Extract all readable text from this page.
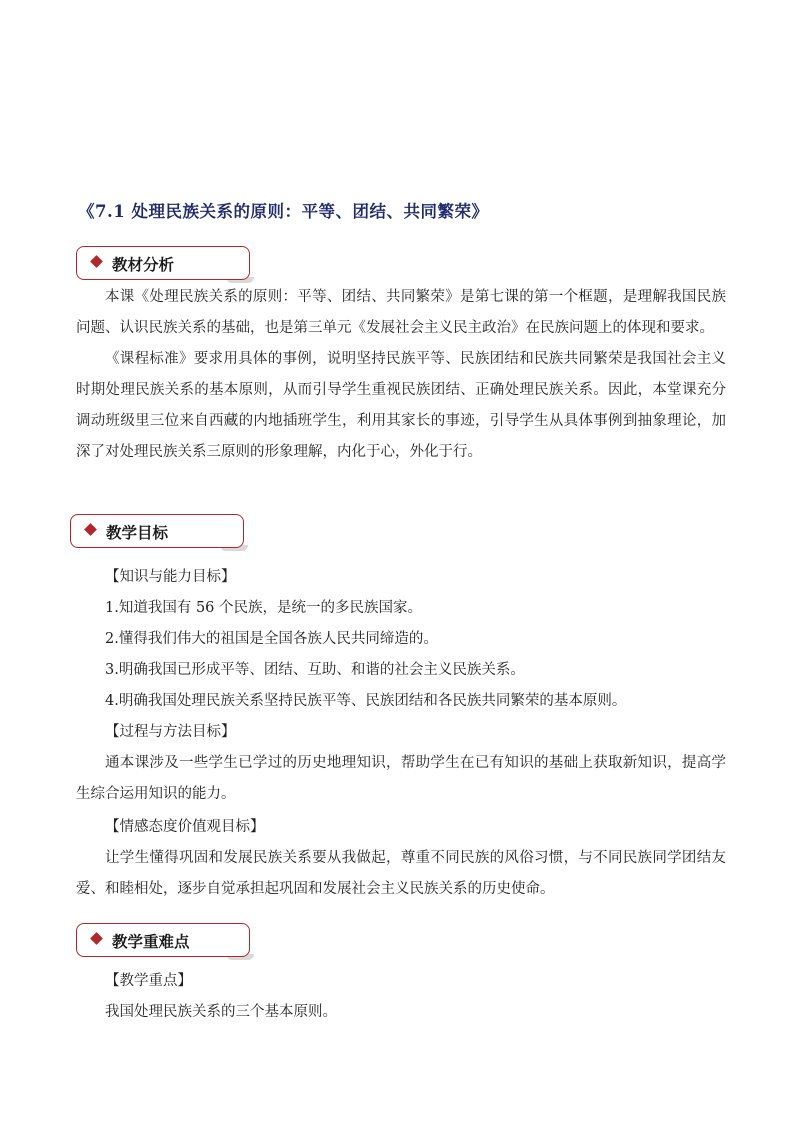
《7.1 处理民族关系的原则：平等、团结、共同繁荣》
教材分析

本课《处理民族关系的原则：平等、团结、共同繁荣》是第七课的第一个框题，是理解我国民族问题、认识民族关系的基础，也是第三单元《发展社会主义民主政治》在民族问题上的体现和要求。

《课程标准》要求用具体的事例，说明坚持民族平等、民族团结和民族共同繁荣是我国社会主义时期处理民族关系的基本原则，从而引导学生重视民族团结、正确处理民族关系。因此，本堂课充分调动班级里三位来自西藏的内地插班学生，利用其家长的事迹，引导学生从具体事例到抽象理论，加深了对处理民族关系三原则的形象理解，内化于心，外化于行。

教学目标
【知识与能力目标】
1.知道我国有 56 个民族，是统一的多民族国家。
2.懂得我们伟大的祖国是全国各族人民共同缔造的。
3.明确我国已形成平等、团结、互助、和谐的社会主义民族关系。
4.明确我国处理民族关系坚持民族平等、民族团结和各民族共同繁荣的基本原则。
【过程与方法目标】

通本课涉及一些学生已学过的历史地理知识，帮助学生在已有知识的基础上获取新知识，提高学生综合运用知识的能力。

【情感态度价值观目标】

让学生懂得巩固和发展民族关系要从我做起，尊重不同民族的风俗习惯，与不同民族同学团结友爱、和睦相处，逐步自觉承担起巩固和发展社会主义民族关系的历史使命。

教学重难点
【教学重点】
我国处理民族关系的三个基本原则。
